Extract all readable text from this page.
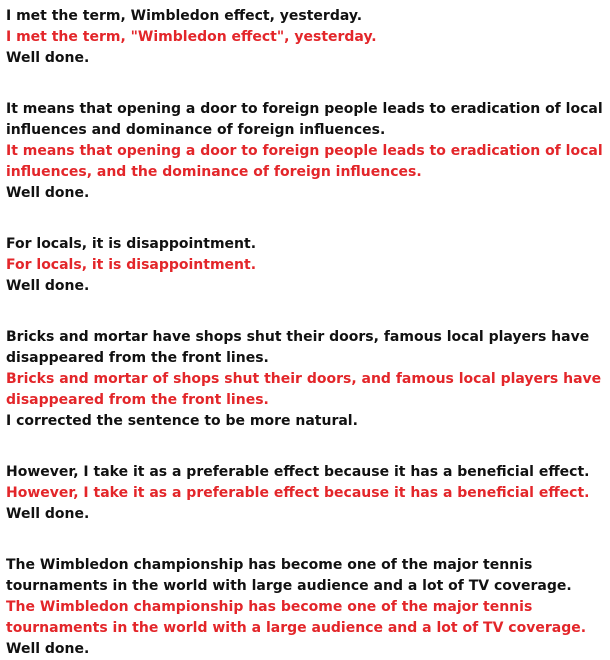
I met the term, Wimbledon effect, yesterday.

I met the term, "Wimbledon effect", yesterday.

Well done.

It means that opening a door to foreign people leads to eradication of local influences and dominance of foreign influences.

It means that opening a door to foreign people leads to eradication of local influences, and the dominance of foreign influences.

Well done.

For locals, it is disappointment.

For locals, it is disappointment.

Well done.

Bricks and mortar have shops shut their doors, famous local players have disappeared from the front lines.

Bricks and mortar of shops shut their doors, and famous local players have disappeared from the front lines.

I corrected the sentence to be more natural.

However, I take it as a preferable effect because it has a beneficial effect.

However, I take it as a preferable effect because it has a beneficial effect.

Well done.

The Wimbledon championship has become one of the major tennis tournaments in the world with large audience and a lot of TV coverage.

The Wimbledon championship has become one of the major tennis tournaments in the world with a large audience and a lot of TV coverage.

Well done.
